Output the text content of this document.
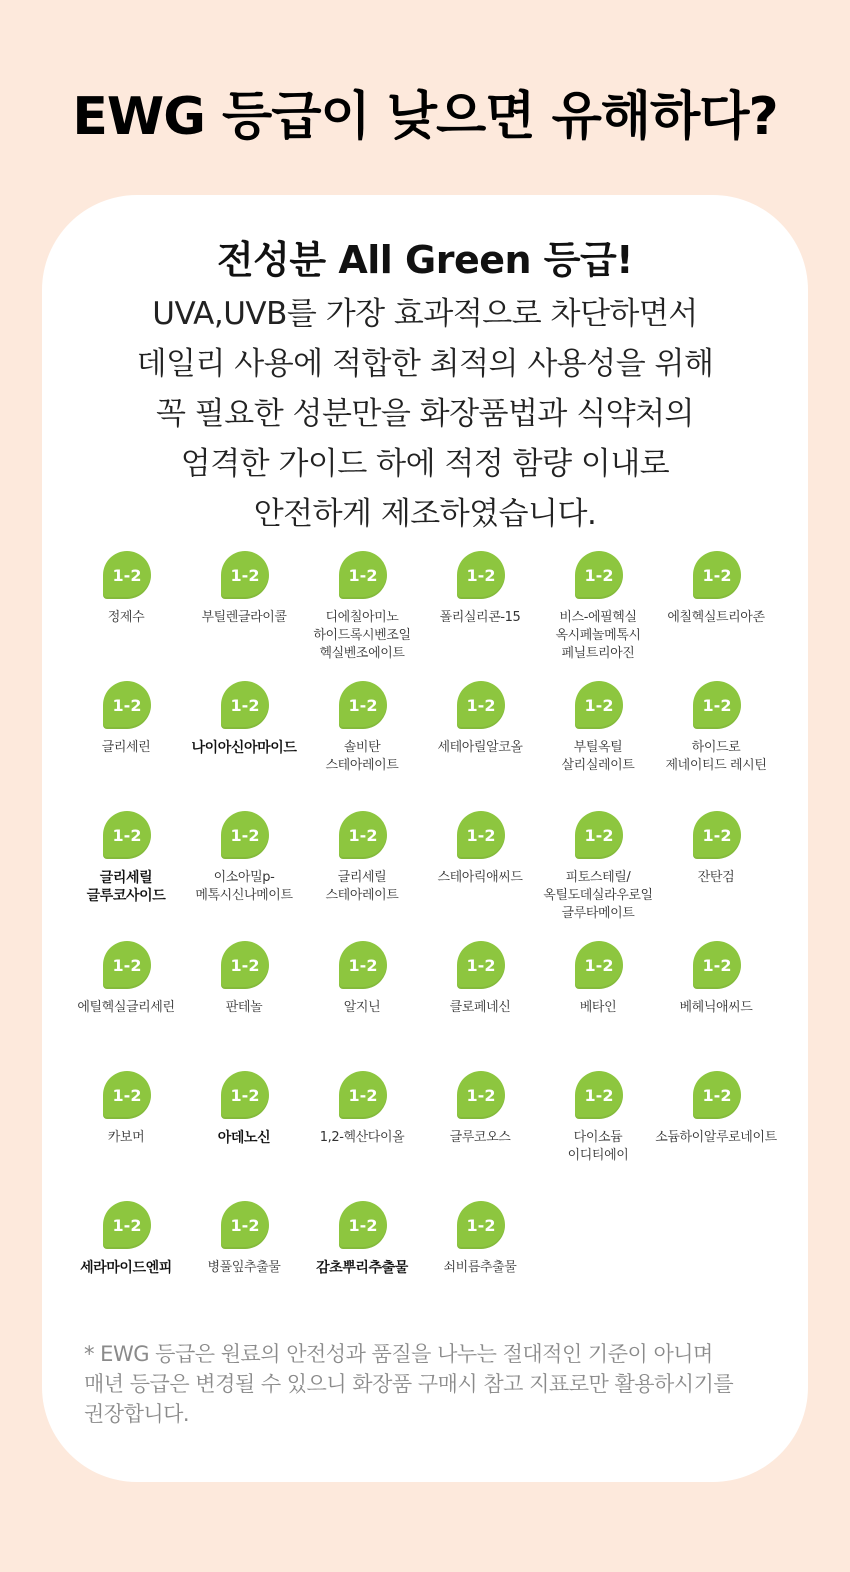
EWG 등급이 낮으면 유해하다?
전성분 All Green 등급!
UVA,UVB를 가장 효과적으로 차단하면서
데일리 사용에 적합한 최적의 사용성을 위해
꼭 필요한 성분만을 화장품법과 식약처의
엄격한 가이드 하에 적정 함량 이내로
안전하게 제조하였습니다.
1-2
정제수
1-2
부틸렌글라이콜
1-2
디에칠아미노
하이드록시벤조일
헥실벤조에이트
1-2
폴리실리콘-15
1-2
비스-에필헥실
옥시페놀메톡시
페닐트리아진
1-2
에칠헥실트리아존
1-2
글리세린
1-2
나이아신아마이드
1-2
솔비탄
스테아레이트
1-2
세테아릴알코올
1-2
부틸옥틸
살리실레이트
1-2
하이드로
제네이티드 레시틴
1-2
글리세릴
글루코사이드
1-2
이소아밀p-
메톡시신나메이트
1-2
글리세릴
스테아레이트
1-2
스테아릭애씨드
1-2
피토스테릴/
옥틸도데실라우로일
글루타메이트
1-2
잔탄검
1-2
에틸헥실글리세린
1-2
판테놀
1-2
알지닌
1-2
클로페네신
1-2
베타인
1-2
베헤닉애씨드
1-2
카보머
1-2
아데노신
1-2
1,2-헥산다이올
1-2
글루코오스
1-2
다이소듐
이디티에이
1-2
소듐하이알루로네이트
1-2
세라마이드엔피
1-2
병풀잎추출물
1-2
감초뿌리추출물
1-2
쇠비름추출물
* EWG 등급은 원료의 안전성과 품질을 나누는 절대적인 기준이 아니며
매년 등급은 변경될 수 있으니 화장품 구매시 참고 지표로만 활용하시기를
권장합니다.
